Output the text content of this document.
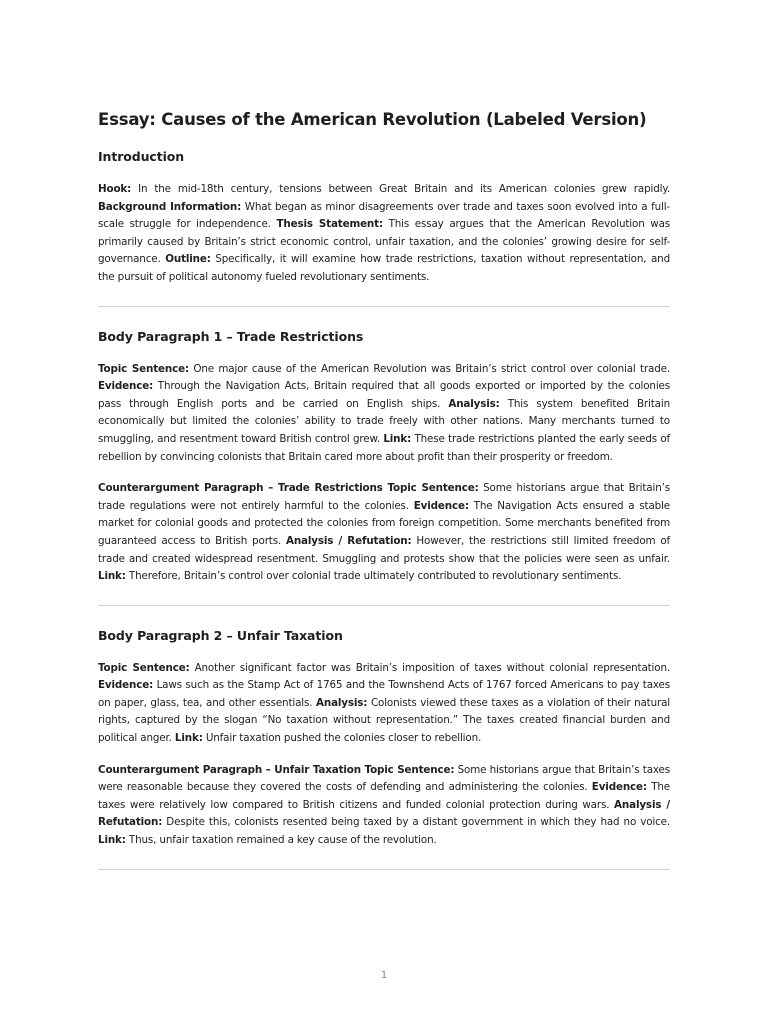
Essay: Causes of the American Revolution (Labeled Version)
Introduction

Hook: In the mid-18th century, tensions between Great Britain and its American colonies grew rapidly. Background Information: What began as minor disagreements over trade and taxes soon evolved into a full-scale struggle for independence. Thesis Statement: This essay argues that the American Revolution was primarily caused by Britain’s strict economic control, unfair taxation, and the colonies’ growing desire for self-governance. Outline: Specifically, it will examine how trade restrictions, taxation without representation, and the pursuit of political autonomy fueled revolutionary sentiments.

Body Paragraph 1 – Trade Restrictions

Topic Sentence: One major cause of the American Revolution was Britain’s strict control over colonial trade. Evidence: Through the Navigation Acts, Britain required that all goods exported or imported by the colonies pass through English ports and be carried on English ships. Analysis: This system benefited Britain economically but limited the colonies’ ability to trade freely with other nations. Many merchants turned to smuggling, and resentment toward British control grew. Link: These trade restrictions planted the early seeds of rebellion by convincing colonists that Britain cared more about profit than their prosperity or freedom.

Counterargument Paragraph – Trade Restrictions Topic Sentence: Some historians argue that Britain’s trade regulations were not entirely harmful to the colonies. Evidence: The Navigation Acts ensured a stable market for colonial goods and protected the colonies from foreign competition. Some merchants benefited from guaranteed access to British ports. Analysis / Refutation: However, the restrictions still limited freedom of trade and created widespread resentment. Smuggling and protests show that the policies were seen as unfair. Link: Therefore, Britain’s control over colonial trade ultimately contributed to revolutionary sentiments.

Body Paragraph 2 – Unfair Taxation

Topic Sentence: Another significant factor was Britain’s imposition of taxes without colonial representation. Evidence: Laws such as the Stamp Act of 1765 and the Townshend Acts of 1767 forced Americans to pay taxes on paper, glass, tea, and other essentials. Analysis: Colonists viewed these taxes as a violation of their natural rights, captured by the slogan “No taxation without representation.” The taxes created financial burden and political anger. Link: Unfair taxation pushed the colonies closer to rebellion.

Counterargument Paragraph – Unfair Taxation Topic Sentence: Some historians argue that Britain’s taxes were reasonable because they covered the costs of defending and administering the colonies. Evidence: The taxes were relatively low compared to British citizens and funded colonial protection during wars. Analysis / Refutation: Despite this, colonists resented being taxed by a distant government in which they had no voice. Link: Thus, unfair taxation remained a key cause of the revolution.

1
